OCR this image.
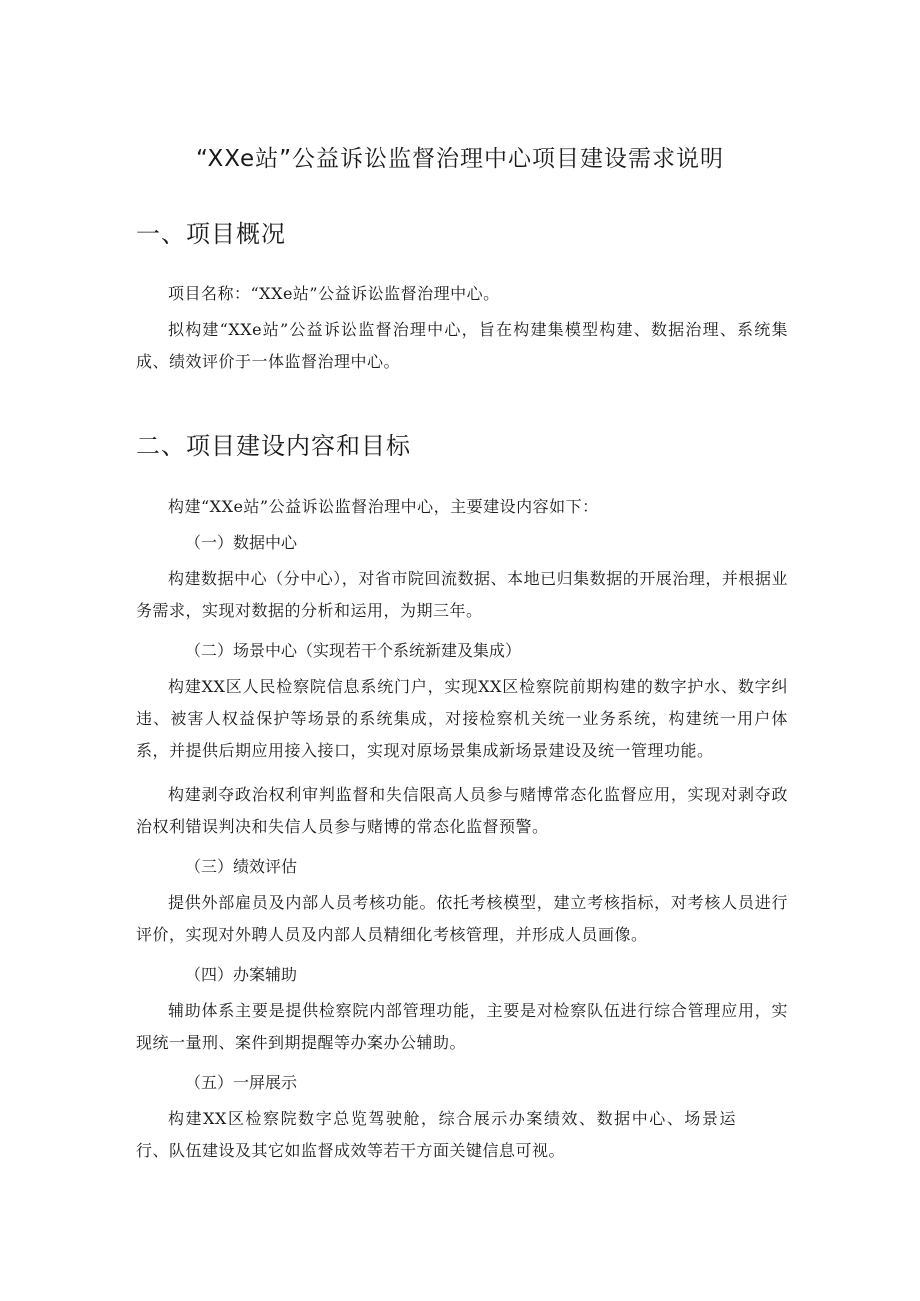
“XXe站”公益诉讼监督治理中心项目建设需求说明
一、项目概况
项目名称：“XXe站”公益诉讼监督治理中心。
拟构建“XXe站”公益诉讼监督治理中心，旨在构建集模型构建、数据治理、系统集成、绩效评价于一体监督治理中心。
二、项目建设内容和目标
构建“XXe站”公益诉讼监督治理中心，主要建设内容如下：
（一）数据中心
构建数据中心（分中心），对省市院回流数据、本地已归集数据的开展治理，并根据业务需求，实现对数据的分析和运用，为期三年。
（二）场景中心（实现若干个系统新建及集成）
构建XX区人民检察院信息系统门户，实现XX区检察院前期构建的数字护水、数字纠违、被害人权益保护等场景的系统集成，对接检察机关统一业务系统，构建统一用户体系，并提供后期应用接入接口，实现对原场景集成新场景建设及统一管理功能。
构建剥夺政治权利审判监督和失信限高人员参与赌博常态化监督应用，实现对剥夺政治权利错误判决和失信人员参与赌博的常态化监督预警。
（三）绩效评估
提供外部雇员及内部人员考核功能。依托考核模型，建立考核指标，对考核人员进行评价，实现对外聘人员及内部人员精细化考核管理，并形成人员画像。
（四）办案辅助
辅助体系主要是提供检察院内部管理功能，主要是对检察队伍进行综合管理应用，实现统一量刑、案件到期提醒等办案办公辅助。
（五）一屏展示
构建XX区检察院数字总览驾驶舱，综合展示办案绩效、数据中心、场景运行、队伍建设及其它如监督成效等若干方面关键信息可视。
